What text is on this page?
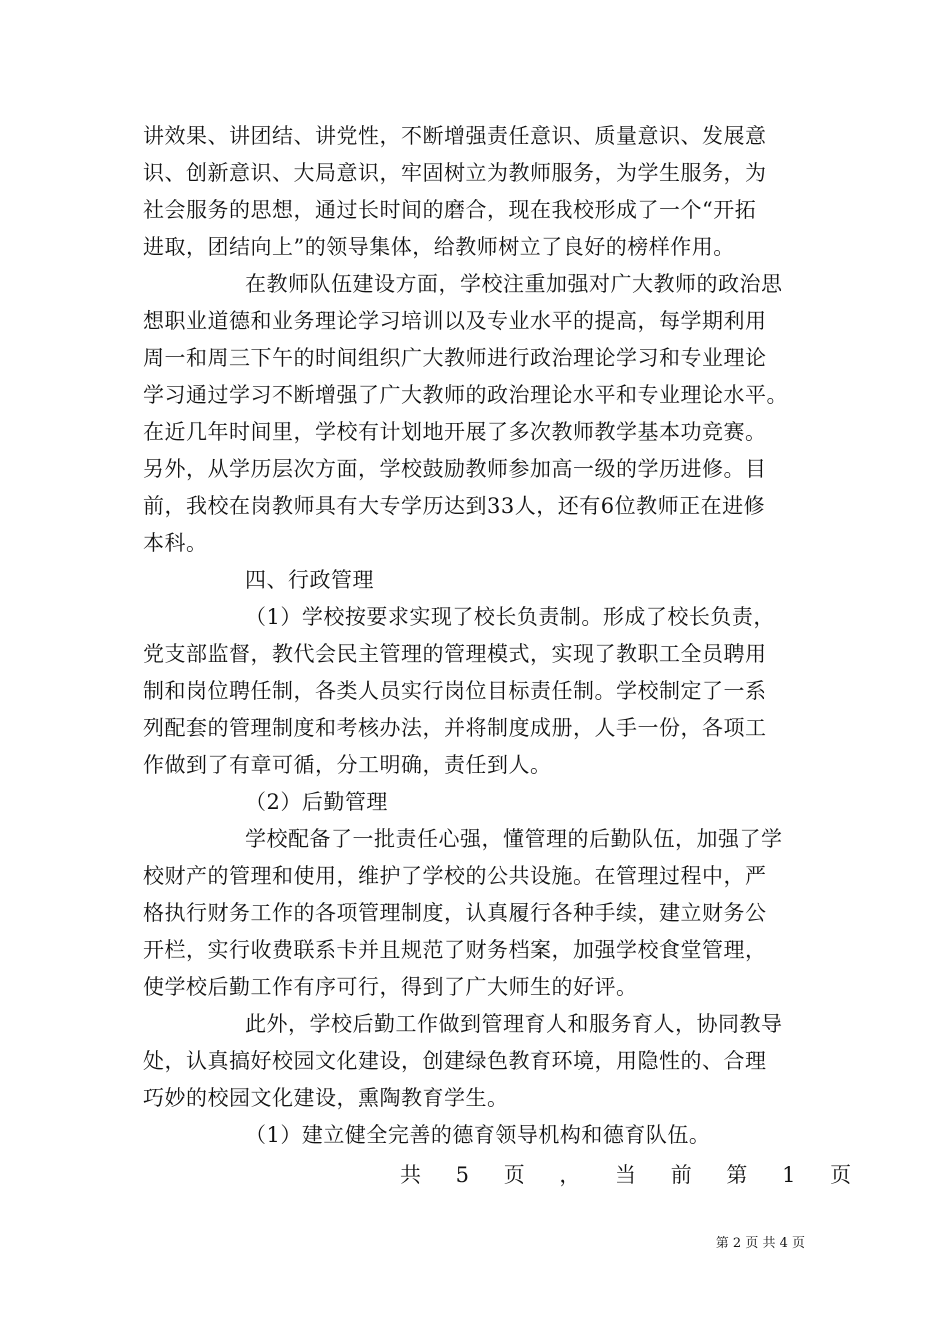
讲效果、讲团结、讲党性，不断增强责任意识、质量意识、发展意
识、创新意识、大局意识，牢固树立为教师服务，为学生服务，为
社会服务的思想，通过长时间的磨合，现在我校形成了一个“开拓
进取，团结向上”的领导集体，给教师树立了良好的榜样作用。
在教师队伍建设方面，学校注重加强对广大教师的政治思
想职业道德和业务理论学习培训以及专业水平的提高，每学期利用
周一和周三下午的时间组织广大教师进行政治理论学习和专业理论
学习通过学习不断增强了广大教师的政治理论水平和专业理论水平。
在近几年时间里，学校有计划地开展了多次教师教学基本功竞赛。
另外，从学历层次方面，学校鼓励教师参加高一级的学历进修。目
前，我校在岗教师具有大专学历达到33人，还有6位教师正在进修
本科。
四、行政管理
（1）学校按要求实现了校长负责制。形成了校长负责，
党支部监督，教代会民主管理的管理模式，实现了教职工全员聘用
制和岗位聘任制，各类人员实行岗位目标责任制。学校制定了一系
列配套的管理制度和考核办法，并将制度成册，人手一份，各项工
作做到了有章可循，分工明确，责任到人。
（2）后勤管理
学校配备了一批责任心强，懂管理的后勤队伍，加强了学
校财产的管理和使用，维护了学校的公共设施。在管理过程中，严
格执行财务工作的各项管理制度，认真履行各种手续，建立财务公
开栏，实行收费联系卡并且规范了财务档案，加强学校食堂管理，
使学校后勤工作有序可行，得到了广大师生的好评。
此外，学校后勤工作做到管理育人和服务育人，协同教导
处，认真搞好校园文化建设，创建绿色教育环境，用隐性的、合理
巧妙的校园文化建设，熏陶教育学生。
（1）建立健全完善的德育领导机构和德育队伍。
共 5 页 ， 当 前 第 1 页
第 2 页 共 4 页
